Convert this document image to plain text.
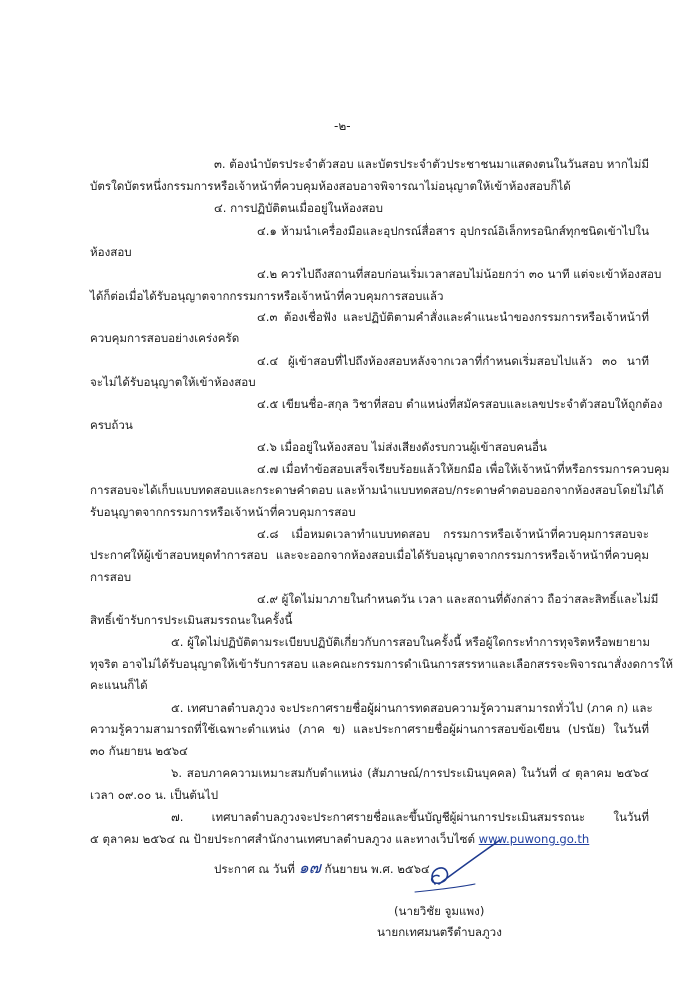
-๒-
๓. ต้องนำบัตรประจำตัวสอบ และบัตรประจำตัวประชาชนมาแสดงตนในวันสอบ หากไม่มี
บัตรใดบัตรหนึ่งกรรมการหรือเจ้าหน้าที่ควบคุมห้องสอบอาจพิจารณาไม่อนุญาตให้เข้าห้องสอบก็ได้
๔. การปฏิบัติตนเมื่ออยู่ในห้องสอบ
๔.๑ ห้ามนำเครื่องมือและอุปกรณ์สื่อสาร อุปกรณ์อิเล็กทรอนิกส์ทุกชนิดเข้าไปใน
ห้องสอบ
๔.๒ ควรไปถึงสถานที่สอบก่อนเริ่มเวลาสอบไม่น้อยกว่า ๓๐ นาที แต่จะเข้าห้องสอบ
ได้ก็ต่อเมื่อได้รับอนุญาตจากกรรมการหรือเจ้าหน้าที่ควบคุมการสอบแล้ว
๔.๓ ต้องเชื่อฟัง และปฏิบัติตามคำสั่งและคำแนะนำของกรรมการหรือเจ้าหน้าที่
ควบคุมการสอบอย่างเคร่งครัด
๔.๔ ผู้เข้าสอบที่ไปถึงห้องสอบหลังจากเวลาที่กำหนดเริ่มสอบไปแล้ว ๓๐ นาที
จะไม่ได้รับอนุญาตให้เข้าห้องสอบ
๔.๕ เขียนชื่อ-สกุล วิชาที่สอบ ตำแหน่งที่สมัครสอบและเลขประจำตัวสอบให้ถูกต้อง
ครบถ้วน
๔.๖ เมื่ออยู่ในห้องสอบ ไม่ส่งเสียงดังรบกวนผู้เข้าสอบคนอื่น
๔.๗ เมื่อทำข้อสอบเสร็จเรียบร้อยแล้วให้ยกมือ เพื่อให้เจ้าหน้าที่หรือกรรมการควบคุม
การสอบจะได้เก็บแบบทดสอบและกระดาษคำตอบ และห้ามนำแบบทดสอบ/กระดาษคำตอบออกจากห้องสอบโดยไม่ได้
รับอนุญาตจากกรรมการหรือเจ้าหน้าที่ควบคุมการสอบ
๔.๘ เมื่อหมดเวลาทำแบบทดสอบ กรรมการหรือเจ้าหน้าที่ควบคุมการสอบจะ
ประกาศให้ผู้เข้าสอบหยุดทำการสอบ และจะออกจากห้องสอบเมื่อได้รับอนุญาตจากกรรมการหรือเจ้าหน้าที่ควบคุม
การสอบ
๔.๙ ผู้ใดไม่มาภายในกำหนดวัน เวลา และสถานที่ดังกล่าว ถือว่าสละสิทธิ์และไม่มี
สิทธิ์เข้ารับการประเมินสมรรถนะในครั้งนี้
๕. ผู้ใดไม่ปฏิบัติตามระเบียบปฏิบัติเกี่ยวกับการสอบในครั้งนี้ หรือผู้ใดกระทำการทุจริตหรือพยายาม
ทุจริต อาจไม่ได้รับอนุญาตให้เข้ารับการสอบ และคณะกรรมการดำเนินการสรรหาและเลือกสรรจะพิจารณาสั่งงดการให้
คะแนนก็ได้
๕. เทศบาลตำบลภูวง จะประกาศรายชื่อผู้ผ่านการทดสอบความรู้ความสามารถทั่วไป (ภาค ก) และ
ความรู้ความสามารถที่ใช้เฉพาะตำแหน่ง (ภาค ข) และประกาศรายชื่อผู้ผ่านการสอบข้อเขียน (ปรนัย) ในวันที่
๓๐ กันยายน ๒๕๖๔
๖. สอบภาคความเหมาะสมกับตำแหน่ง (สัมภาษณ์/การประเมินบุคคล) ในวันที่ ๔ ตุลาคม ๒๕๖๔
เวลา ๐๙.๐๐ น. เป็นต้นไป
๗. เทศบาลตำบลภูวงจะประกาศรายชื่อและขึ้นบัญชีผู้ผ่านการประเมินสมรรถนะ ในวันที่
๕ ตุลาคม ๒๕๖๔ ณ ป้ายประกาศสำนักงานเทศบาลตำบลภูวง และทางเว็บไซต์ www.puwong.go.th
ประกาศ ณ วันที่ ๑๗ กันยายน พ.ศ. ๒๕๖๔
(นายวิชัย จูมแพง)
นายกเทศมนตรีตำบลภูวง
